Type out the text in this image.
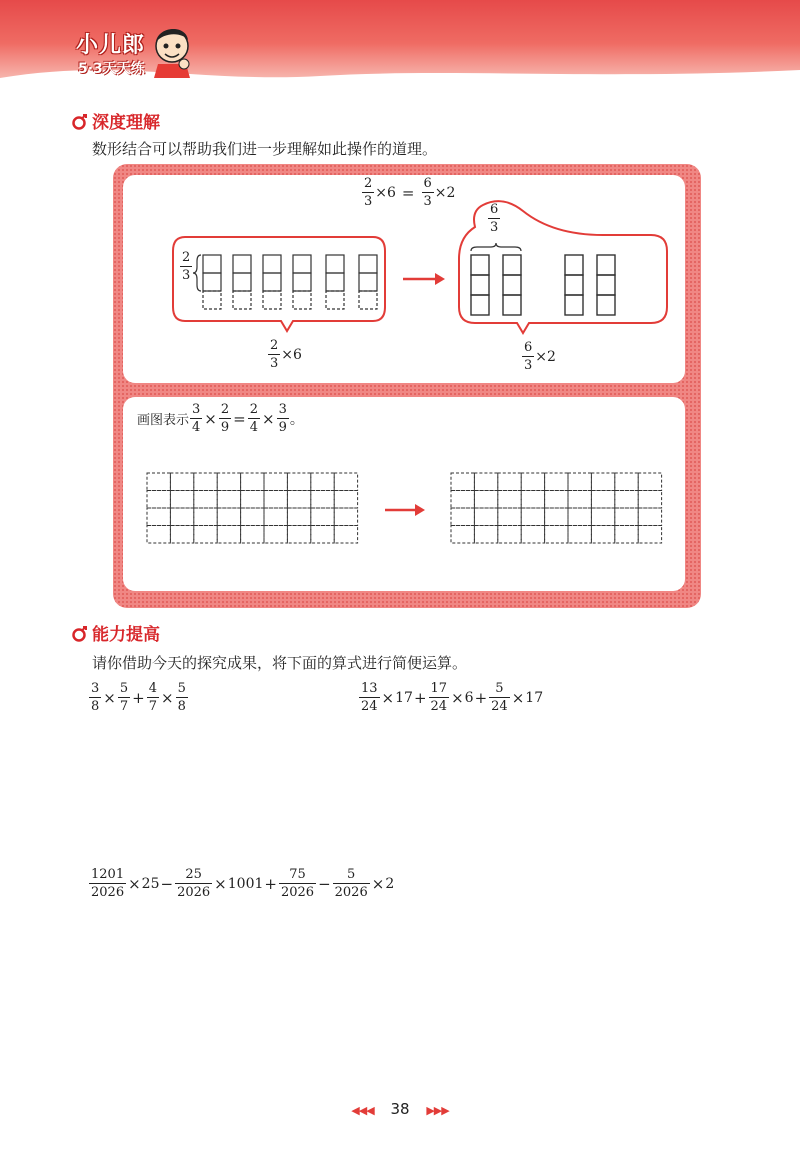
小儿郎
5·3天天练
深度理解
数形结合可以帮助我们进一步理解如此操作的道理。
$\frac{2}{3} \times 6 = \frac{6}{3} \times 2$
$\frac{2}{3}$
$\frac{6}{3}$
$\frac{2}{3} \times 6$	$\frac{6}{3} \times 2$
画图表示 $\frac{3}{4} \times \frac{2}{9} = \frac{2}{4} \times \frac{3}{9}$ 。
能力提高
请你借助今天的探究成果，将下面的算式进行简便运算。
$\frac{3}{8} \times \frac{5}{7} + \frac{4}{7} \times \frac{5}{8}$	$\frac{13}{24} \times 17 + \frac{17}{24} \times 6 + \frac{5}{24} \times 17$
$\frac{1201}{2026} \times 25 - \frac{25}{2026} \times 1001 + \frac{75}{2026} - \frac{5}{2026} \times 2$
◀◀◀ 38 ▶▶▶
